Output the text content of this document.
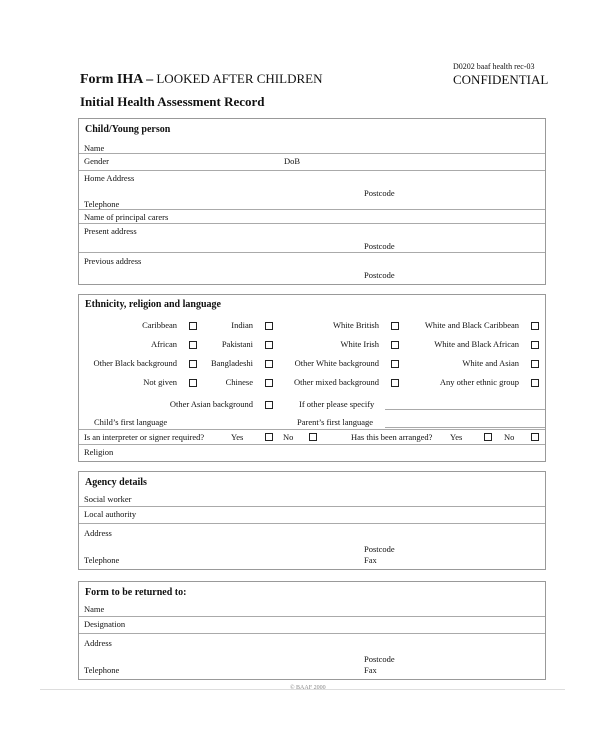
D0202 baaf health rec-03
CONFIDENTIAL
Form IHA – LOOKED AFTER CHILDREN
Initial Health Assessment Record
Child/Young person
Name
Gender	DoB
Home Address
Postcode
Telephone
Name of principal carers
Present address
Postcode
Previous address
Postcode
Ethnicity, religion and language
Caribbean	Indian	White British	White and Black Caribbean
African	Pakistani	White Irish	White and Black African
Other Black background	Bangladeshi	Other White background	White and Asian
Not given	Chinese	Other mixed background	Any other ethnic group
Other Asian background	If other please specify
Child’s first language	Parent’s first language
Is an interpreter or signer required?	Yes	No	Has this been arranged? Yes	No
Religion
Agency details
Social worker
Local authority
Address
Postcode
Telephone	Fax
Form to be returned to:
Name
Designation
Address
Postcode
Telephone	Fax
© BAAF 2000
